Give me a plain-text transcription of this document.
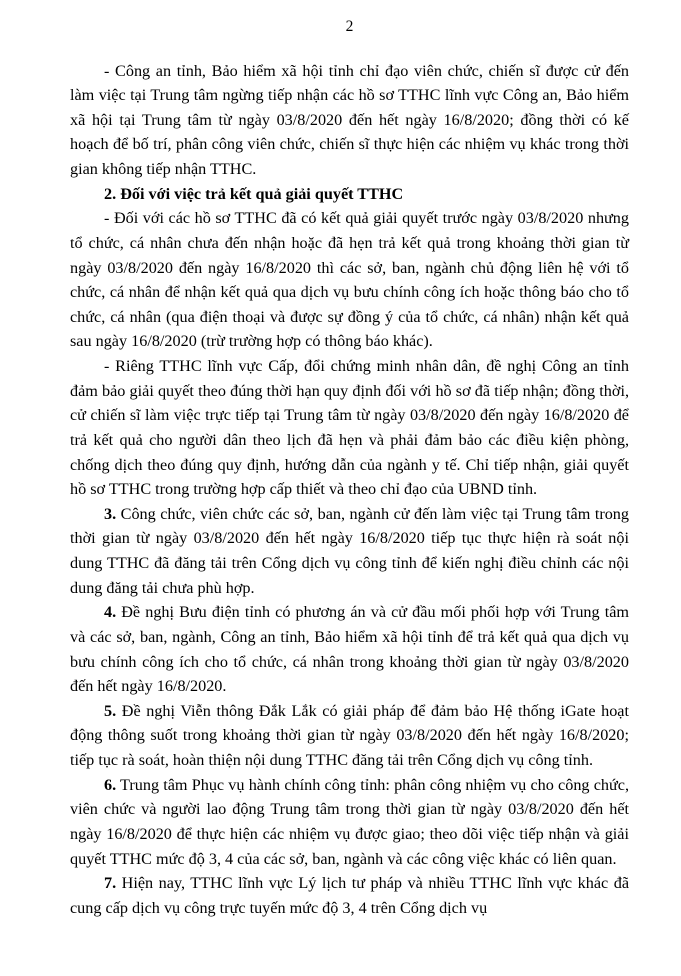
2

- Công an tỉnh, Bảo hiểm xã hội tỉnh chỉ đạo viên chức, chiến sĩ được cử đến làm việc tại Trung tâm ngừng tiếp nhận các hồ sơ TTHC lĩnh vực Công an, Bảo hiểm xã hội tại Trung tâm từ ngày 03/8/2020 đến hết ngày 16/8/2020; đồng thời có kế hoạch để bố trí, phân công viên chức, chiến sĩ thực hiện các nhiệm vụ khác trong thời gian không tiếp nhận TTHC.

2. Đối với việc trả kết quả giải quyết TTHC

- Đối với các hồ sơ TTHC đã có kết quả giải quyết trước ngày 03/8/2020 nhưng tổ chức, cá nhân chưa đến nhận hoặc đã hẹn trả kết quả trong khoảng thời gian từ ngày 03/8/2020 đến ngày 16/8/2020 thì các sở, ban, ngành chủ động liên hệ với tổ chức, cá nhân để nhận kết quả qua dịch vụ bưu chính công ích hoặc thông báo cho tổ chức, cá nhân (qua điện thoại và được sự đồng ý của tổ chức, cá nhân) nhận kết quả sau ngày 16/8/2020 (trừ trường hợp có thông báo khác).

- Riêng TTHC lĩnh vực Cấp, đổi chứng minh nhân dân, đề nghị Công an tỉnh đảm bảo giải quyết theo đúng thời hạn quy định đối với hồ sơ đã tiếp nhận; đồng thời, cử chiến sĩ làm việc trực tiếp tại Trung tâm từ ngày 03/8/2020 đến ngày 16/8/2020 để trả kết quả cho người dân theo lịch đã hẹn và phải đảm bảo các điều kiện phòng, chống dịch theo đúng quy định, hướng dẫn của ngành y tế. Chỉ tiếp nhận, giải quyết hồ sơ TTHC trong trường hợp cấp thiết và theo chỉ đạo của UBND tỉnh.

3. Công chức, viên chức các sở, ban, ngành cử đến làm việc tại Trung tâm trong thời gian từ ngày 03/8/2020 đến hết ngày 16/8/2020 tiếp tục thực hiện rà soát nội dung TTHC đã đăng tải trên Cổng dịch vụ công tỉnh để kiến nghị điều chỉnh các nội dung đăng tải chưa phù hợp.

4. Đề nghị Bưu điện tỉnh có phương án và cử đầu mối phối hợp với Trung tâm và các sở, ban, ngành, Công an tỉnh, Bảo hiểm xã hội tỉnh để trả kết quả qua dịch vụ bưu chính công ích cho tổ chức, cá nhân trong khoảng thời gian từ ngày 03/8/2020 đến hết ngày 16/8/2020.

5. Đề nghị Viễn thông Đắk Lắk có giải pháp để đảm bảo Hệ thống iGate hoạt động thông suốt trong khoảng thời gian từ ngày 03/8/2020 đến hết ngày 16/8/2020; tiếp tục rà soát, hoàn thiện nội dung TTHC đăng tải trên Cổng dịch vụ công tỉnh.

6. Trung tâm Phục vụ hành chính công tỉnh: phân công nhiệm vụ cho công chức, viên chức và người lao động Trung tâm trong thời gian từ ngày 03/8/2020 đến hết ngày 16/8/2020 để thực hiện các nhiệm vụ được giao; theo dõi việc tiếp nhận và giải quyết TTHC mức độ 3, 4 của các sở, ban, ngành và các công việc khác có liên quan.

7. Hiện nay, TTHC lĩnh vực Lý lịch tư pháp và nhiều TTHC lĩnh vực khác đã cung cấp dịch vụ công trực tuyến mức độ 3, 4 trên Cổng dịch vụ
